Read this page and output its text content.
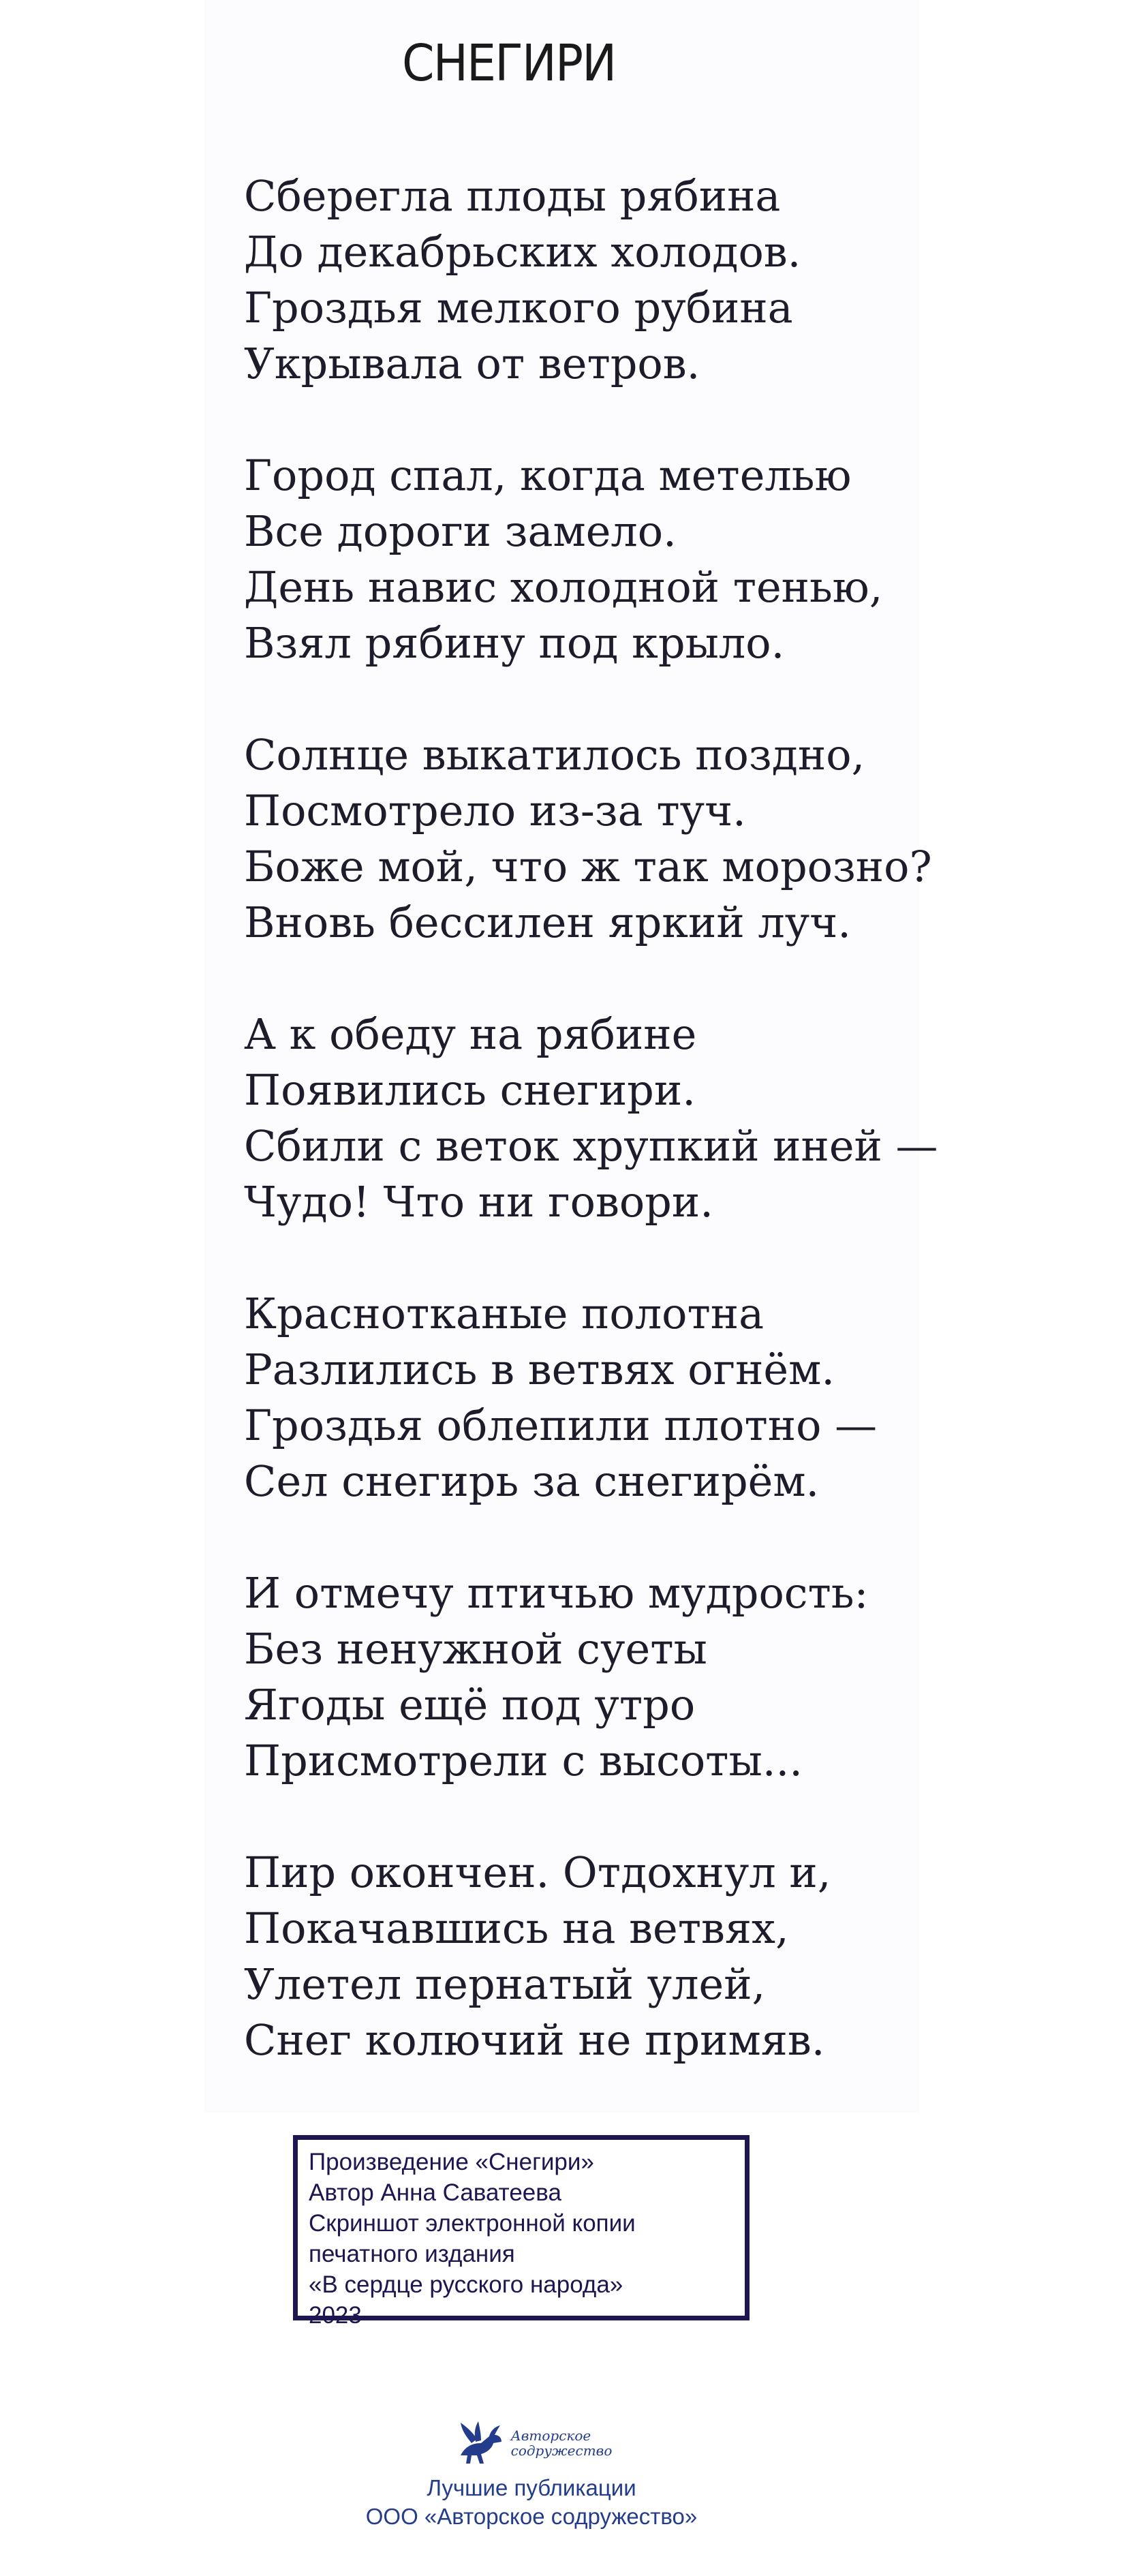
СНЕГИРИ
Сберегла плоды рябина
До декабрьских холодов.
Гроздья мелкого рубина
Укрывала от ветров.
Город спал, когда метелью
Все дороги замело.
День навис холодной тенью,
Взял рябину под крыло.
Солнце выкатилось поздно,
Посмотрело из-за туч.
Боже мой, что ж так морозно?
Вновь бессилен яркий луч.
А к обеду на рябине
Появились снегири.
Сбили с веток хрупкий иней —
Чудо! Что ни говори.
Краснотканые полотна
Разлились в ветвях огнём.
Гроздья облепили плотно —
Сел снегирь за снегирём.
И отмечу птичью мудрость:
Без ненужной суеты
Ягоды ещё под утро
Присмотрели с высоты...
Пир окончен. Отдохнул и,
Покачавшись на ветвях,
Улетел пернатый улей,
Снег колючий не примяв.
Произведение «Снегири»
Автор Анна Саватеева
Скриншот электронной копии
печатного издания
«В сердце русского народа»
2023
Авторское
содружество
Лучшие публикации
ООО «Авторское содружество»
